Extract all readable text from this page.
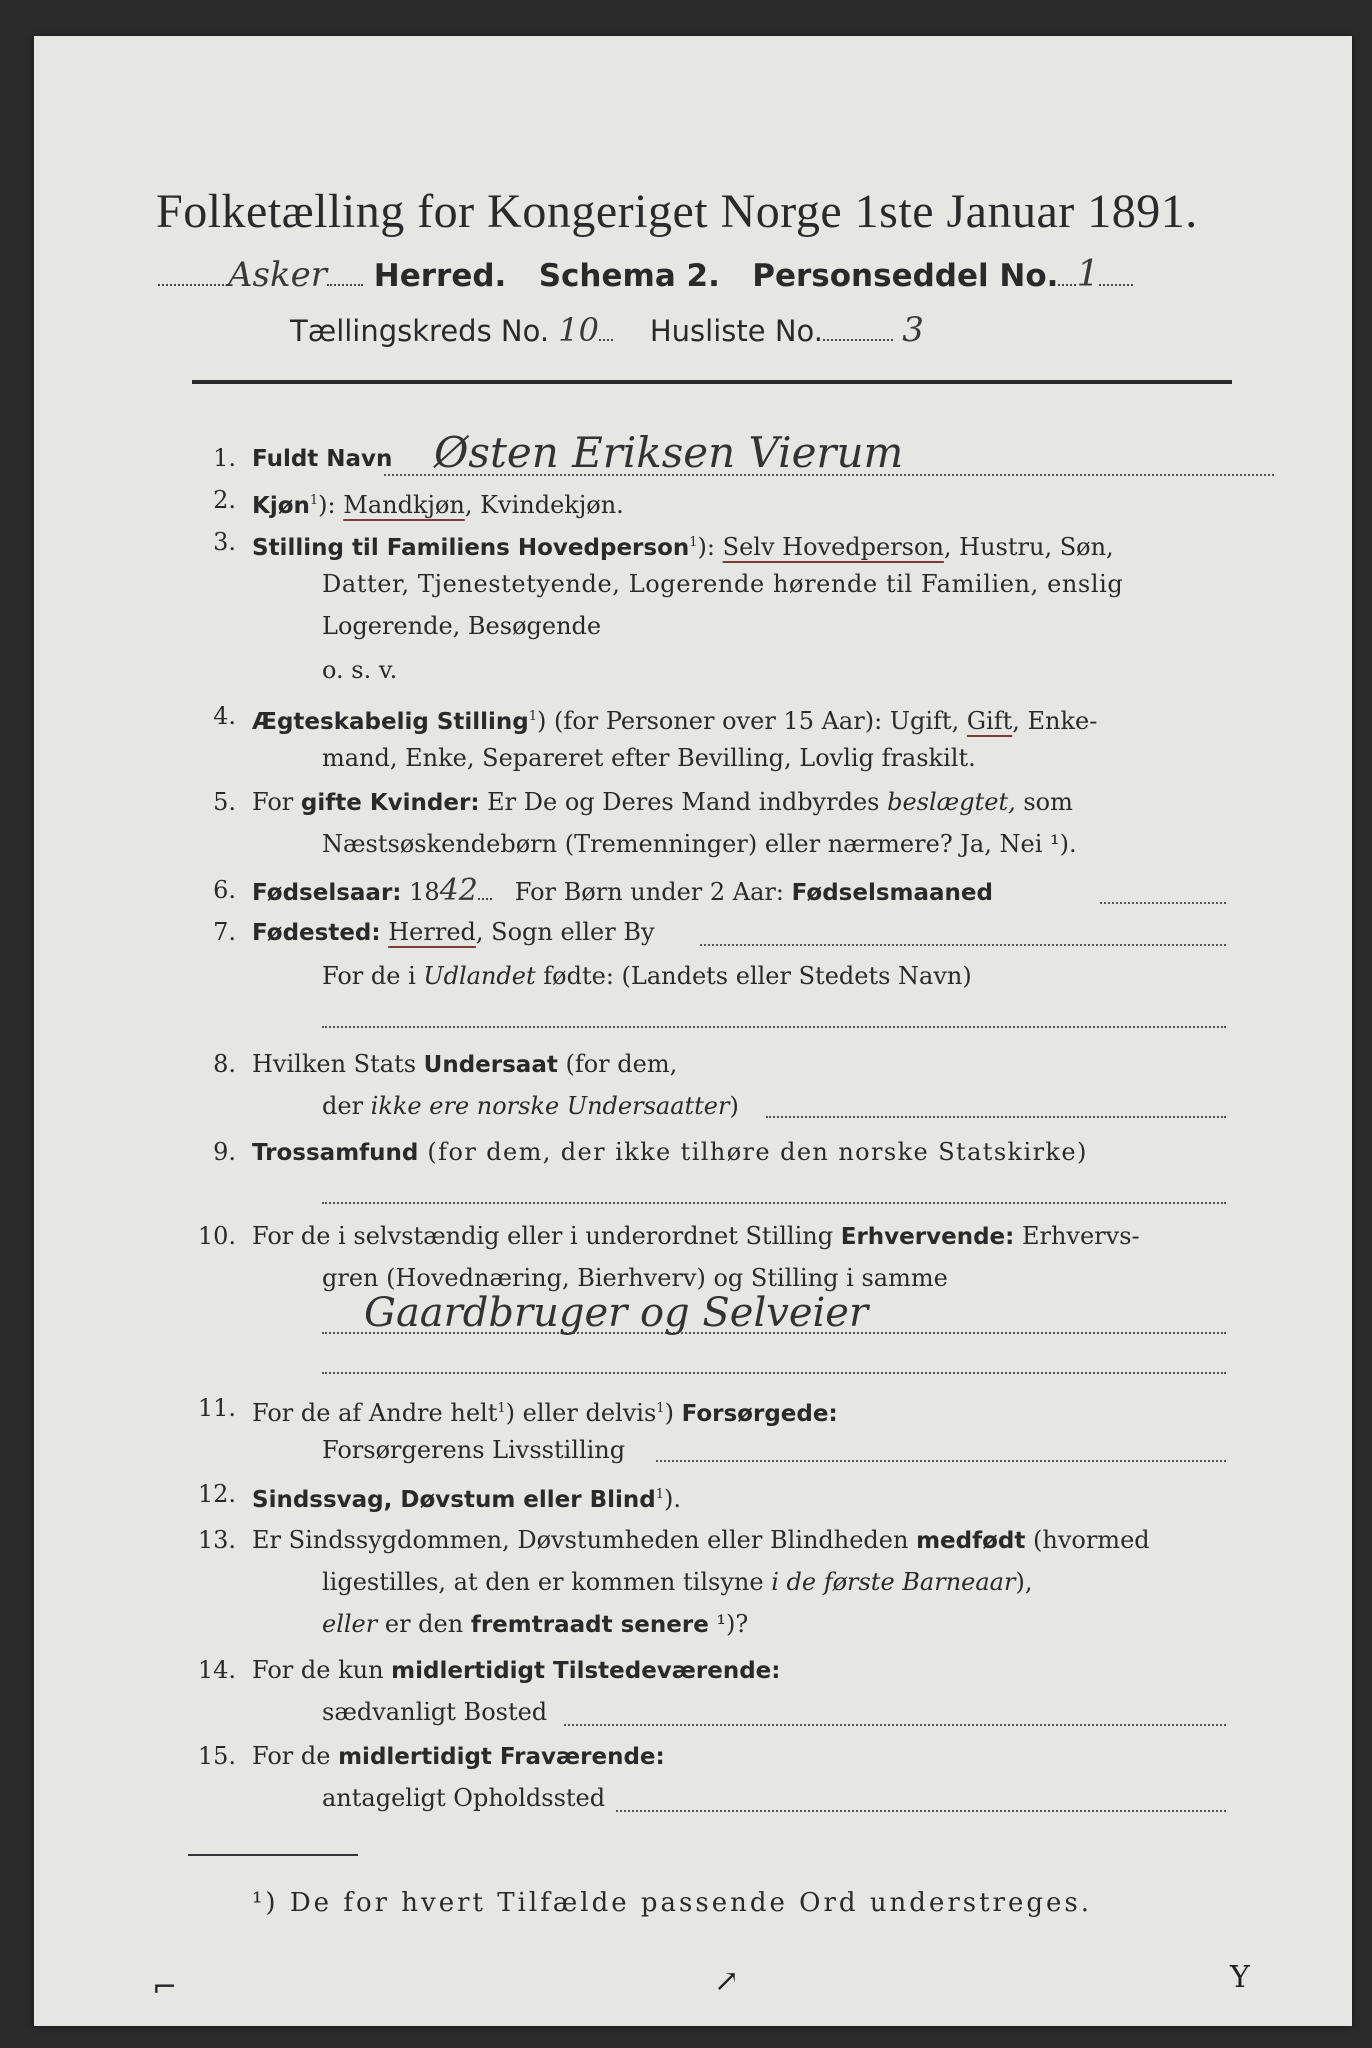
Folketælling for Kongeriget Norge 1ste Januar 1891.
Asker Herred. Schema 2. Personseddel No. 1
Tællingskreds No. 10 Husliste No. 3
1. Fuldt Navn Østen Eriksen Vierum
2. Kjøn$^1$): Mandkjøn, Kvindekjøn.
3. Stilling til Familiens Hovedperson$^1$): Selv Hovedperson, Hustru, Søn,
Datter, Tjenestetyende, Logerende hørende til Familien, enslig
Logerende, Besøgende
o. s. v.
4. Ægteskabelig Stilling$^1$) (for Personer over 15 Aar): Ugift, Gift, Enke-
mand, Enke, Separeret efter Bevilling, Lovlig fraskilt.
5. For gifte Kvinder: Er De og Deres Mand indbyrdes beslægtet, som
Næstsøskendebørn (Tremenninger) eller nærmere? Ja, Nei ¹).
6. Fødselsaar: 1842   For Børn under 2 Aar: Fødselsmaaned
7. Fødested: Herred, Sogn eller By
For de i Udlandet fødte: (Landets eller Stedets Navn)
8. Hvilken Stats Undersaat (for dem,
der ikke ere norske Undersaatter)
9. Trossamfund (for dem, der ikke tilhøre den norske Statskirke)
10. For de i selvstændig eller i underordnet Stilling Erhvervende: Erhvervs-
gren (Hovednæring, Bierhverv) og Stilling i samme
Gaardbruger og Selveier
11. For de af Andre helt$^1$) eller delvis$^1$) Forsørgede:
Forsørgerens Livsstilling
12. Sindssvag, Døvstum eller Blind$^1$).
13. Er Sindssygdommen, Døvstumheden eller Blindheden medfødt (hvormed
ligestilles, at den er kommen tilsyne i de første Barneaar),
eller er den fremtraadt senere ¹)?
14. For de kun midlertidigt Tilstedeværende:
sædvanligt Bosted
15. For de midlertidigt Fraværende:
antageligt Opholdssted
¹) De for hvert Tilfælde passende Ord understreges.
⌐	↗	Y
